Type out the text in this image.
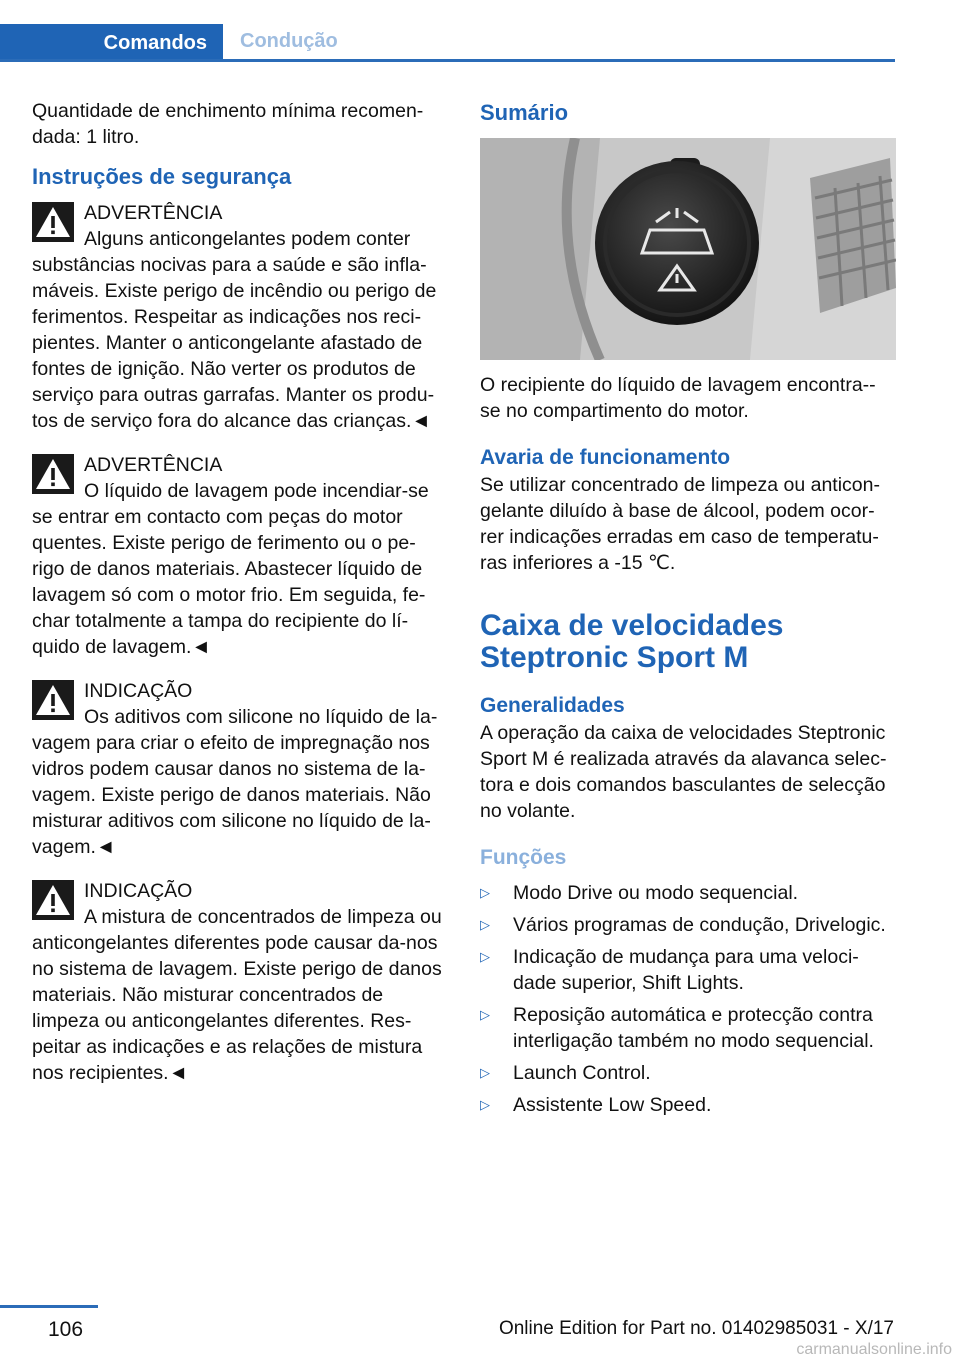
Comandos	Condução

Quantidade de enchimento mínima recomen-dada: 1 litro.

Instruções de segurança
ADVERTÊNCIA
Alguns anticongelantes podem conter substâncias nocivas para a saúde e são infla-máveis. Existe perigo de incêndio ou perigo de ferimentos. Respeitar as indicações nos reci-pientes. Manter o anticongelante afastado de fontes de ignição. Não verter os produtos de serviço para outras garrafas. Manter os produ-tos de serviço fora do alcance das crianças.◄
ADVERTÊNCIA
O líquido de lavagem pode incendiar-se se entrar em contacto com peças do motor quentes. Existe perigo de ferimento ou o pe-rigo de danos materiais. Abastecer líquido de lavagem só com o motor frio. Em seguida, fe-char totalmente a tampa do recipiente do lí-quido de lavagem.◄
INDICAÇÃO
Os aditivos com silicone no líquido de la-vagem para criar o efeito de impregnação nos vidros podem causar danos no sistema de la-vagem. Existe perigo de danos materiais. Não misturar aditivos com silicone no líquido de la-vagem.◄
INDICAÇÃO
A mistura de concentrados de limpeza ou anticongelantes diferentes pode causar da-nos no sistema de lavagem. Existe perigo de danos materiais. Não misturar concentrados de limpeza ou anticongelantes diferentes. Res-peitar as indicações e as relações de mistura nos recipientes.◄
Sumário

O recipiente do líquido de lavagem encontra--se no compartimento do motor.

Avaria de funcionamento

Se utilizar concentrado de limpeza ou anticon-gelante diluído à base de álcool, podem ocor-rer indicações erradas em caso de temperatu-ras inferiores a -15 ℃.

Caixa de velocidades
Steptronic Sport M
Generalidades

A operação da caixa de velocidades Steptronic Sport M é realizada através da alavanca selec-tora e dois comandos basculantes de selecção no volante.

Funções
▷ Modo Drive ou modo sequencial.
▷ Vários programas de condução, Drivelogic.
▷ Indicação de mudança para uma veloci-dade superior, Shift Lights.
▷ Reposição automática e protecção contra interligação também no modo sequencial.
▷ Launch Control.
▷ Assistente Low Speed.
106	Online Edition for Part no. 01402985031 - X/17
carmanualsonline.info
